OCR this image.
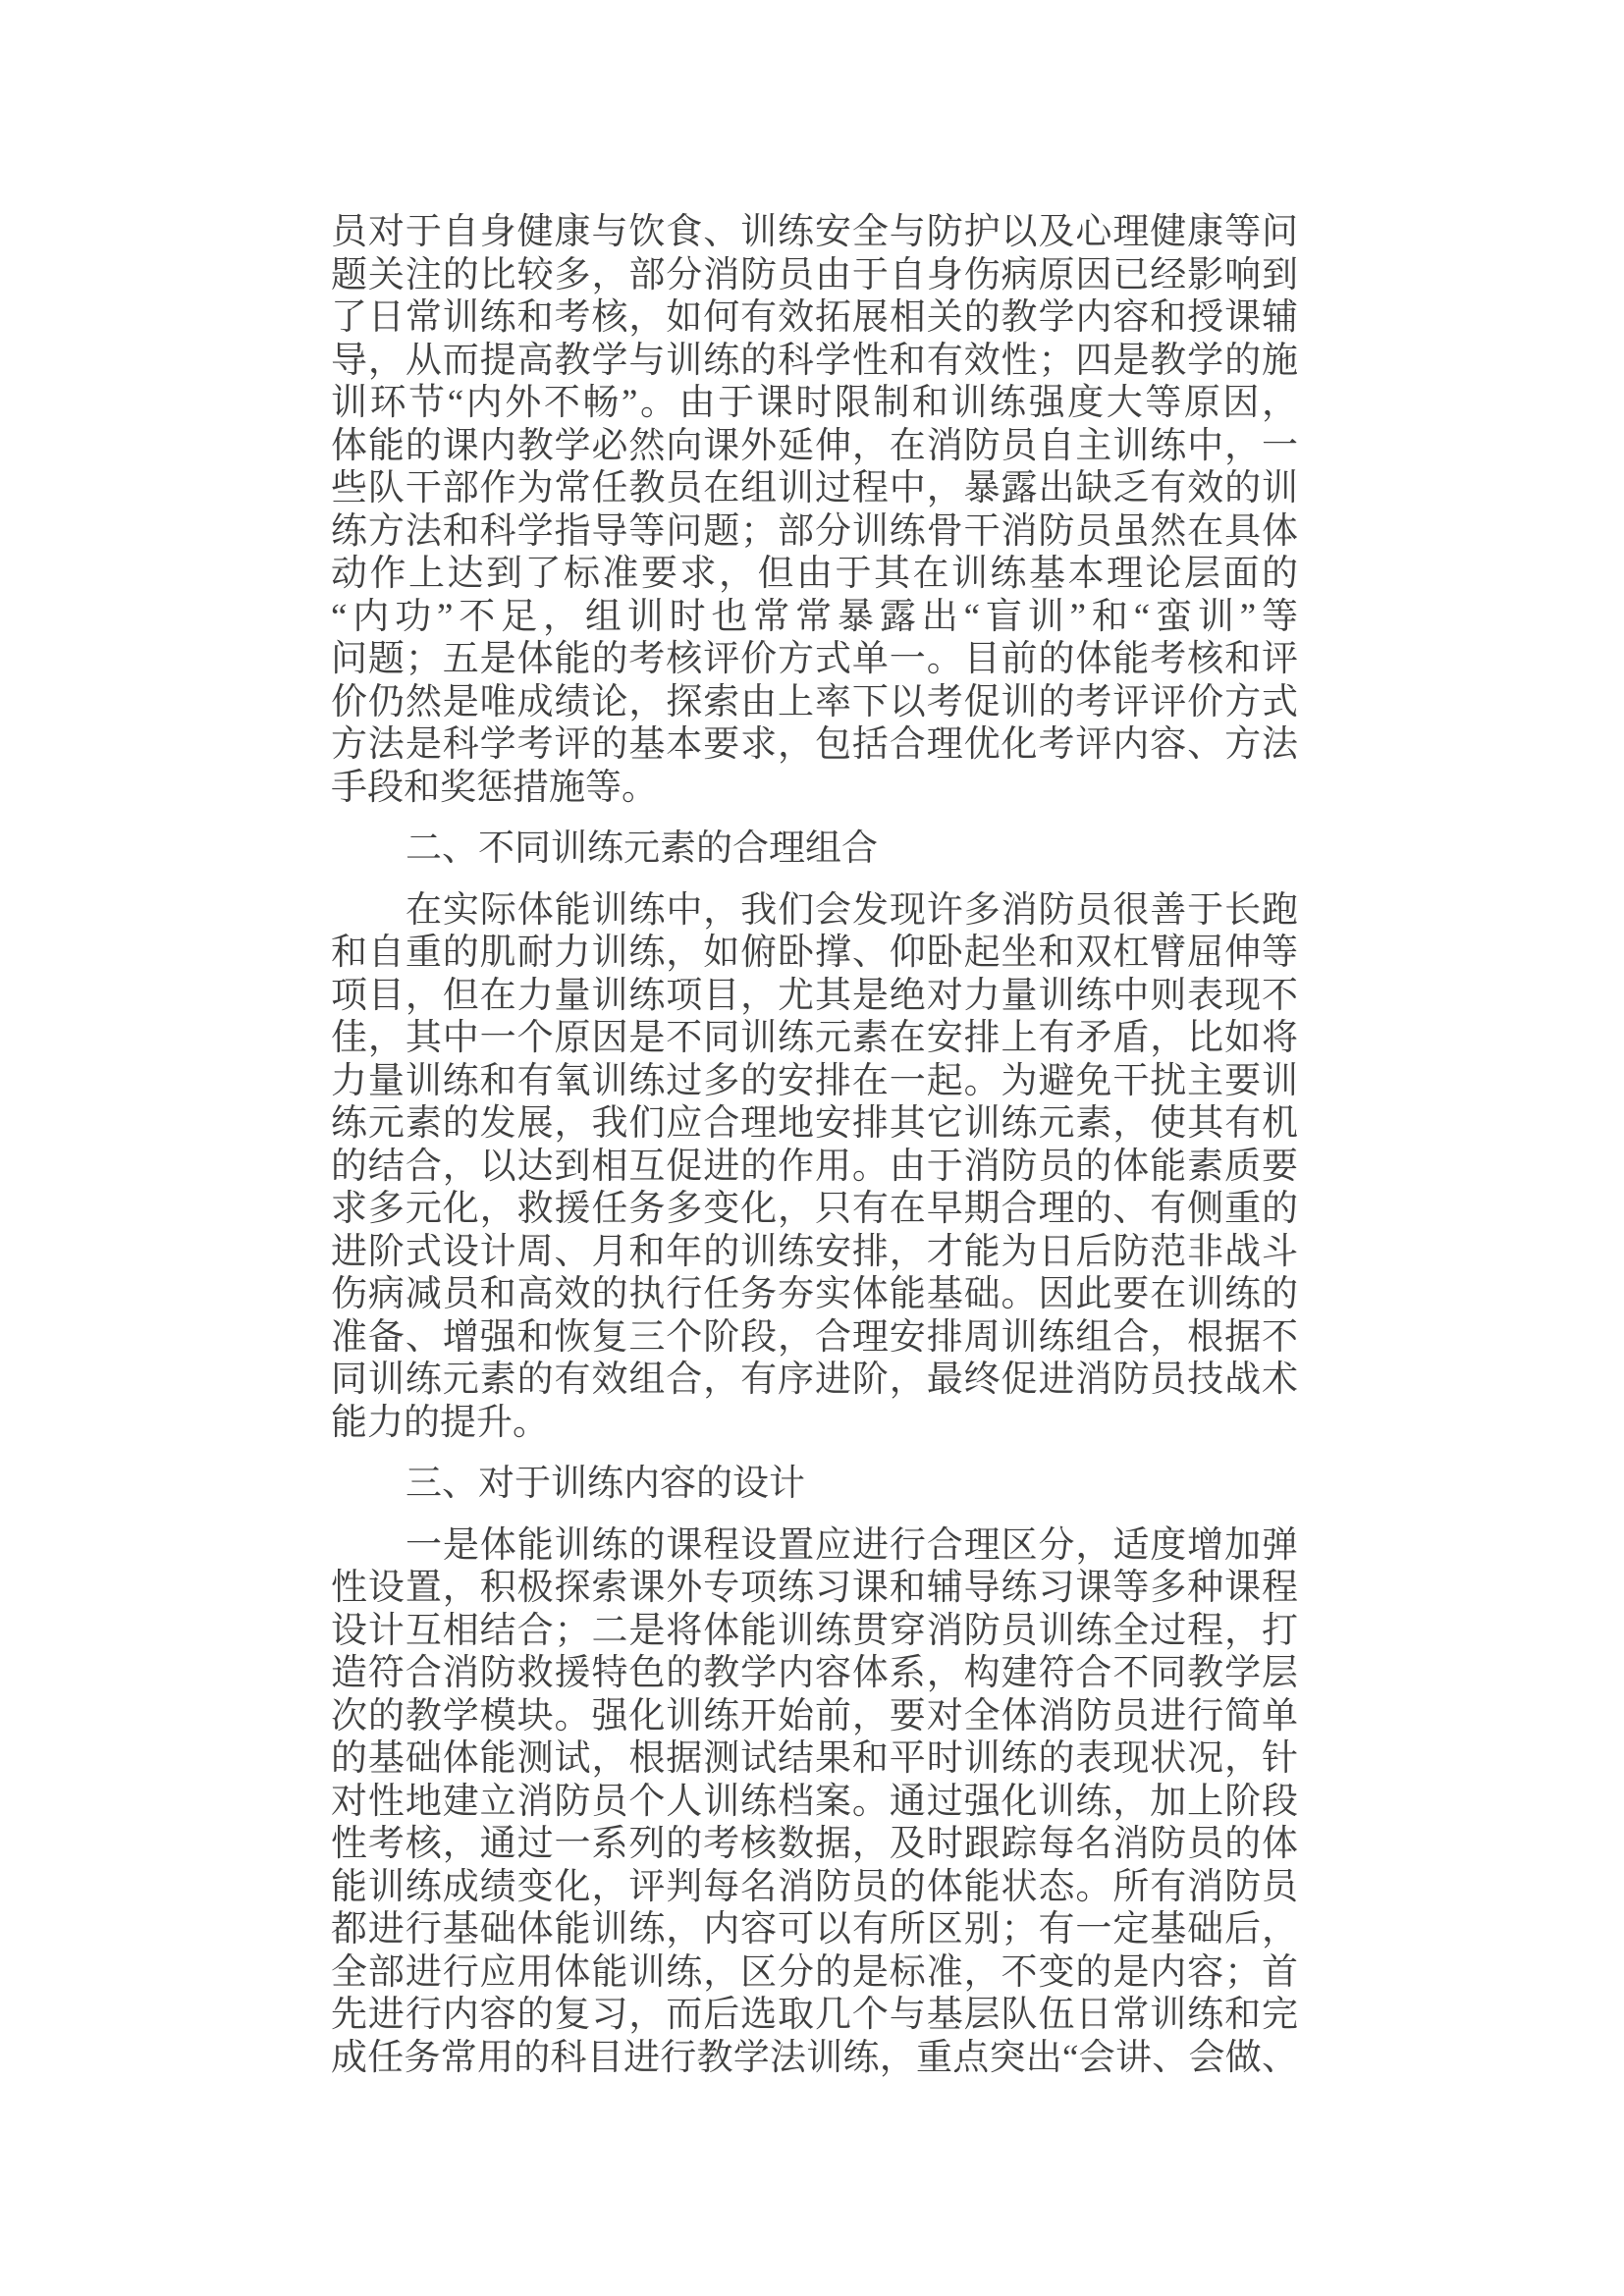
员对于自身健康与饮食、训练安全与防护以及心理健康等问
题关注的比较多，部分消防员由于自身伤病原因已经影响到
了日常训练和考核，如何有效拓展相关的教学内容和授课辅
导，从而提高教学与训练的科学性和有效性；四是教学的施
训环节“内外不畅”。由于课时限制和训练强度大等原因，
体能的课内教学必然向课外延伸，在消防员自主训练中，一
些队干部作为常任教员在组训过程中，暴露出缺乏有效的训
练方法和科学指导等问题；部分训练骨干消防员虽然在具体
动作上达到了标准要求，但由于其在训练基本理论层面的
“内功”不足，组训时也常常暴露出“盲训”和“蛮训”等
问题；五是体能的考核评价方式单一。目前的体能考核和评
价仍然是唯成绩论，探索由上率下以考促训的考评评价方式
方法是科学考评的基本要求，包括合理优化考评内容、方法
手段和奖惩措施等。
二、不同训练元素的合理组合
在实际体能训练中，我们会发现许多消防员很善于长跑
和自重的肌耐力训练，如俯卧撑、仰卧起坐和双杠臂屈伸等
项目，但在力量训练项目，尤其是绝对力量训练中则表现不
佳，其中一个原因是不同训练元素在安排上有矛盾，比如将
力量训练和有氧训练过多的安排在一起。为避免干扰主要训
练元素的发展，我们应合理地安排其它训练元素，使其有机
的结合，以达到相互促进的作用。由于消防员的体能素质要
求多元化，救援任务多变化，只有在早期合理的、有侧重的
进阶式设计周、月和年的训练安排，才能为日后防范非战斗
伤病减员和高效的执行任务夯实体能基础。因此要在训练的
准备、增强和恢复三个阶段，合理安排周训练组合，根据不
同训练元素的有效组合，有序进阶，最终促进消防员技战术
能力的提升。
三、对于训练内容的设计
一是体能训练的课程设置应进行合理区分，适度增加弹
性设置，积极探索课外专项练习课和辅导练习课等多种课程
设计互相结合；二是将体能训练贯穿消防员训练全过程，打
造符合消防救援特色的教学内容体系，构建符合不同教学层
次的教学模块。强化训练开始前，要对全体消防员进行简单
的基础体能测试，根据测试结果和平时训练的表现状况，针
对性地建立消防员个人训练档案。通过强化训练，加上阶段
性考核，通过一系列的考核数据，及时跟踪每名消防员的体
能训练成绩变化，评判每名消防员的体能状态。所有消防员
都进行基础体能训练，内容可以有所区别；有一定基础后，
全部进行应用体能训练，区分的是标准，不变的是内容；首
先进行内容的复习，而后选取几个与基层队伍日常训练和完
成任务常用的科目进行教学法训练，重点突出“会讲、会做、
